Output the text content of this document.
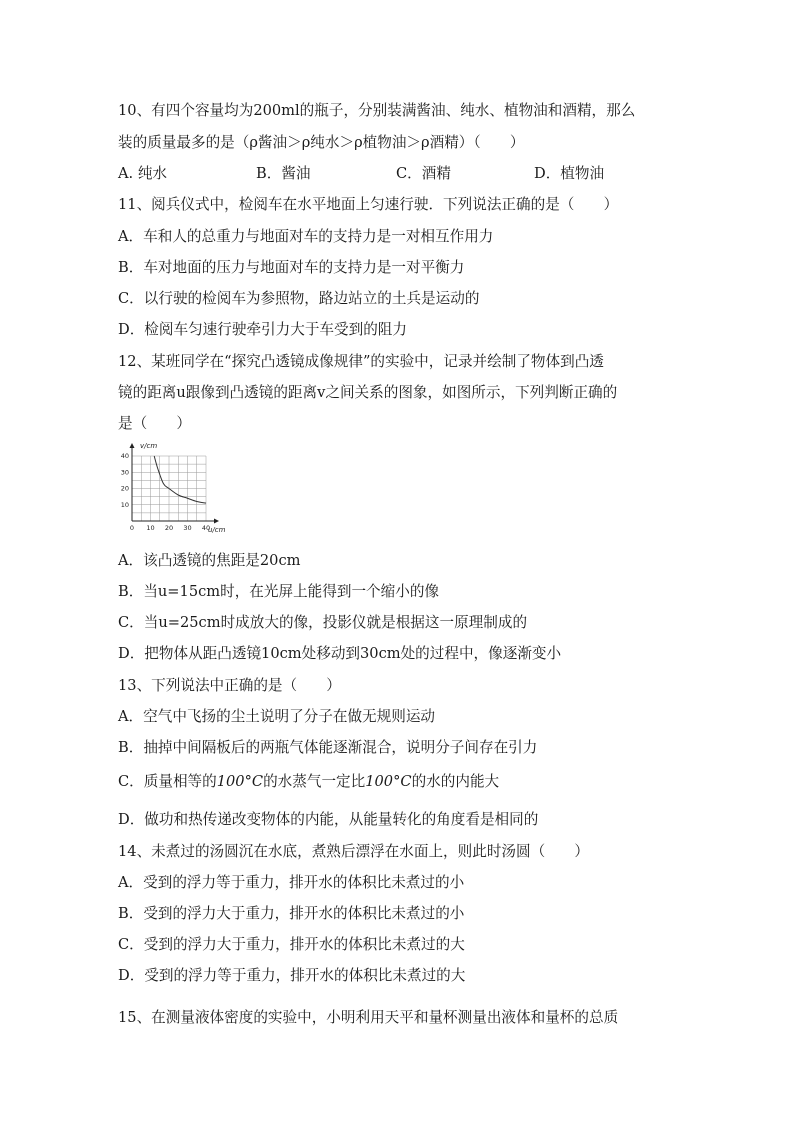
10、有四个容量均为200ml的瓶子，分别装满酱油、纯水、植物油和酒精，那么
装的质量最多的是（ρ酱油＞ρ纯水＞ρ植物油＞ρ酒精）（　　）
A. 纯水	B．酱油	C．酒精	D．植物油
11、阅兵仪式中，检阅车在水平地面上匀速行驶．下列说法正确的是（　　）
A．车和人的总重力与地面对车的支持力是一对相互作用力
B．车对地面的压力与地面对车的支持力是一对平衡力
C．以行驶的检阅车为参照物，路边站立的土兵是运动的
D．检阅车匀速行驶牵引力大于车受到的阻力
12、某班同学在“探究凸透镜成像规律”的实验中，记录并绘制了物体到凸透
镜的距离u跟像到凸透镜的距离v之间关系的图象，如图所示，下列判断正确的
是（　　）
0 10 20 30 40
10
20
30
40
v/cm
u/cm
A．该凸透镜的焦距是20cm
B．当u=15cm时，在光屏上能得到一个缩小的像
C．当u=25cm时成放大的像，投影仪就是根据这一原理制成的
D．把物体从距凸透镜10cm处移动到30cm处的过程中，像逐渐变小
13、下列说法中正确的是（　　）
A．空气中飞扬的尘土说明了分子在做无规则运动
B．抽掉中间隔板后的两瓶气体能逐渐混合，说明分子间存在引力
C．质量相等的100°C的水蒸气一定比100°C的水的内能大
D．做功和热传递改变物体的内能，从能量转化的角度看是相同的
14、未煮过的汤圆沉在水底，煮熟后漂浮在水面上，则此时汤圆（　　）
A．受到的浮力等于重力，排开水的体积比未煮过的小
B．受到的浮力大于重力，排开水的体积比未煮过的小
C．受到的浮力大于重力，排开水的体积比未煮过的大
D．受到的浮力等于重力，排开水的体积比未煮过的大
15、在测量液体密度的实验中，小明利用天平和量杯测量出液体和量杯的总质
